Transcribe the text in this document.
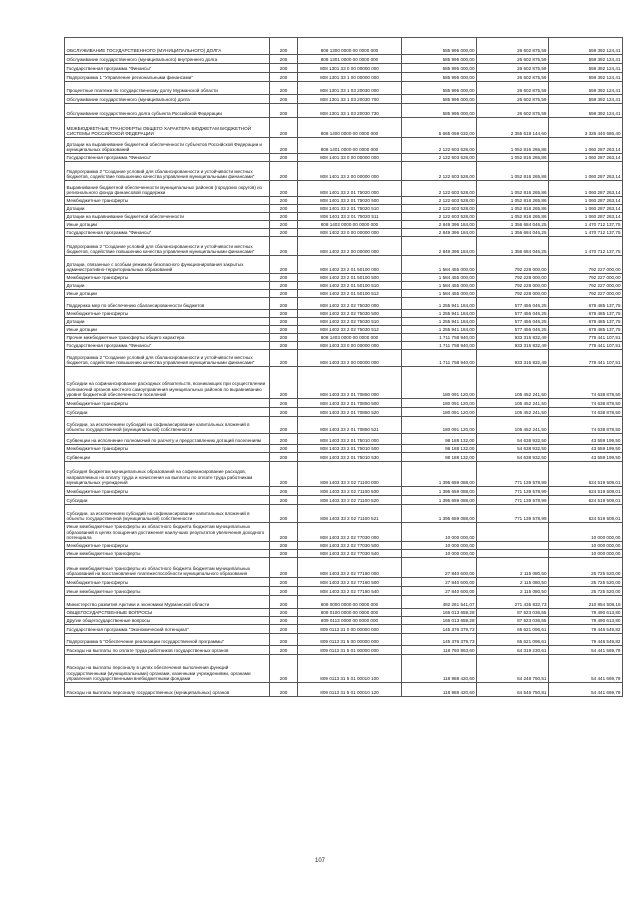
ОБСЛУЖИВАНИЕ ГОСУДАРСТВЕННОГО (МУНИЦИПАЛЬНОГО) ДОЛГА	200	808 1300 0000 00 0000 000	585 995 000,00	26 602 875,59	559 392 124,41
Обслуживание государственного (муниципального) внутреннего долга	200	808 1301 0000 00 0000 000	585 995 000,00	26 602 875,59	559 392 124,41
Государственная программа "Финансы"	200	808 1301 33 0 00 00000 000	585 995 000,00	26 602 875,59	559 392 124,41
Подпрограмма 1 "Управление региональными финансами"	200	808 1301 33 1 00 00000 000	585 995 000,00	26 602 875,59	559 392 124,41
Процентные платежи по государственному долгу Мурманской области	200	808 1301 33 1 03 20030 000	585 995 000,00	26 602 875,59	559 392 124,41
Обслуживание государственного (муниципального) долга	200	808 1301 33 1 03 20030 700	585 995 000,00	26 602 875,59	559 392 124,41
Обслуживание государственного долга субъекта Российской Федерации	200	808 1301 33 1 03 20030 730	585 995 000,00	26 602 875,59	559 392 124,41
МЕЖБЮДЖЕТНЫЕ ТРАНСФЕРТЫ ОБЩЕГО ХАРАКТЕРА БЮДЖЕТАМ БЮДЖЕТНОЙ СИСТЕМЫ РОССИЙСКОЙ ФЕДЕРАЦИИ	200	808 1400 0000 00 0000 000	5 665 059 032,00	2 355 618 144,60	3 326 440 586,40
Дотации на выравнивание бюджетной обеспеченности субъектов Российской Федерации и муниципальных образований	200	808 1401 0000 00 0000 000	2 122 603 528,00	1 052 816 265,86	1 060 287 263,14
Государственная программа "Финансы"	200	808 1401 33 0 00 00000 000	2 122 603 528,00	1 052 816 265,86	1 060 287 263,14
Подпрограмма 2 "Создание условий для сбалансированности и устойчивости местных бюджетов, содействие повышению качества управления муниципальными финансами"	200	808 1401 33 2 00 00000 000	2 122 603 528,00	1 052 816 265,86	1 060 287 263,14
Выравнивание бюджетной обеспеченности муниципальных районов (городских округов) из регионального фонда финансовой поддержки	200	808 1401 33 2 01 75020 000	2 122 603 528,00	1 052 816 265,86	1 060 287 263,14
Межбюджетные трансферты	200	808 1401 33 2 01 75020 500	2 122 603 528,00	1 052 816 265,86	1 060 287 263,14
Дотации	200	808 1401 33 2 01 75020 510	2 122 603 528,00	1 052 816 265,86	1 060 287 263,14
Дотации на выравнивание бюджетной обеспеченности	200	808 1401 33 2 01 75020 511	2 122 603 528,00	1 052 816 265,86	1 060 287 263,14
Иные дотации	200	808 1402 0000 00 0000 000	2 849 396 184,00	1 356 684 046,25	1 470 712 137,75
Государственная программа "Финансы"	200	808 1402 33 0 00 00000 000	2 849 396 184,00	1 356 684 046,25	1 470 712 137,75
Подпрограмма 2 "Создание условий для сбалансированности и устойчивости местных бюджетов, содействие повышению качества управления муниципальными финансами"	200	808 1402 33 2 00 00000 000	2 849 396 184,00	1 356 684 046,25	1 470 712 137,75
Дотации, связанные с особым режимом безопасного функционирования закрытых административно-территориальных образований	200	808 1402 33 2 01 50100 000	1 584 455 000,00	792 228 000,00	792 227 000,00
Межбюджетные трансферты	200	808 1402 33 2 01 50100 500	1 584 455 000,00	792 228 000,00	792 227 000,00
Дотации	200	808 1402 33 2 01 50100 510	1 584 455 000,00	792 228 000,00	792 227 000,00
Иные дотации	200	808 1402 33 2 01 50100 512	1 584 455 000,00	792 228 000,00	792 227 000,00
Поддержка мер по обеспечению сбалансированности бюджетов	200	808 1402 33 2 02 75030 000	1 255 941 184,00	577 456 046,25	678 485 137,75
Межбюджетные трансферты	200	808 1402 33 2 02 75030 500	1 255 941 184,00	577 456 046,25	678 485 137,75
Дотации	200	808 1402 33 2 02 75030 510	1 255 941 184,00	577 456 046,25	678 485 137,75
Иные дотации	200	808 1402 33 2 02 75030 512	1 255 941 184,00	577 456 046,25	678 485 137,75
Прочие межбюджетные трансферты общего характера	200	808 1403 0000 00 0000 000	1 711 758 940,00	933 315 832,49	778 441 107,51
Государственная программа "Финансы"	200	808 1403 33 0 00 00000 000	1 711 758 940,00	933 315 832,49	778 441 107,51
Подпрограмма 2 "Создание условий для сбалансированности и устойчивости местных бюджетов, содействие повышению качества управления муниципальными финансами"	200	808 1403 33 2 00 00000 000	1 711 758 940,00	933 315 832,49	778 441 107,51
Субсидии на софинансирование расходных обязательств, возникающих при осуществлении полномочий органов местного самоуправления муниципальных районов по выравниванию уровня бюджетной обеспеченности поселений	200	808 1403 33 2 01 70850 000	180 091 120,00	105 452 241,50	74 638 878,50
Межбюджетные трансферты	200	808 1403 33 2 01 70850 500	180 091 120,00	105 452 241,50	74 638 878,50
Субсидии	200	808 1403 33 2 01 70850 520	180 091 120,00	105 452 241,50	74 638 878,50
Субсидии, за исключением субсидий на софинансирование капитальных вложений в объекты государственной (муниципальной) собственности	200	808 1403 33 2 01 70850 521	180 091 120,00	105 452 241,50	74 638 878,50
Субвенции на исполнение полномочий по расчету и предоставлению дотаций поселениям	200	808 1403 33 2 01 75010 000	98 188 132,00	54 638 932,50	43 559 199,50
Межбюджетные трансферты	200	808 1403 33 2 01 75010 500	98 188 132,00	54 638 932,50	43 559 199,50
Субвенции	200	808 1403 33 2 01 75010 530	98 188 132,00	54 638 932,50	43 559 199,50
Субсидия бюджетам муниципальных образований на софинансирование расходов, направляемых на оплату труда и начисления на выплаты по оплате труда работникам муниципальных учреждений	200	808 1403 33 2 02 71100 000	1 395 659 088,00	771 139 578,99	624 519 509,01
Межбюджетные трансферты	200	808 1403 33 2 02 71100 500	1 395 659 088,00	771 139 578,99	624 519 509,01
Субсидии	200	808 1403 33 2 02 71100 520	1 395 659 088,00	771 139 578,99	624 519 509,01
Субсидии, за исключением субсидий на софинансирование капитальных вложений в объекты государственной (муниципальной) собственности	200	808 1403 33 2 02 71100 521	1 395 659 088,00	771 139 578,99	624 519 509,01
Иные межбюджетные трансферты из областного бюджета бюджетам муниципальных образований в целях поощрения достижения наилучших результатов увеличения доходного потенциала	200	808 1403 33 2 02 77030 000	10 000 000,00		10 000 000,00
Межбюджетные трансферты	200	808 1403 33 2 02 77030 500	10 000 000,00		10 000 000,00
Иные межбюджетные трансферты	200	808 1403 33 2 02 77030 540	10 000 000,00		10 000 000,00
Иные межбюджетные трансферты из областного бюджета бюджетам муниципальных образований на восстановление платежеспособности муниципального образования	200	808 1403 33 2 02 77180 000	27 840 600,00	2 115 080,50	25 725 520,00
Межбюджетные трансферты	200	808 1403 33 2 02 77180 500	27 840 600,00	2 115 080,50	25 725 520,00
Иные межбюджетные трансферты	200	808 1403 33 2 02 77180 540	27 840 600,00	2 115 080,50	25 725 520,00
Министерство развития Арктики и экономики Мурманской области	200	809 0000 0000 00 0000 000	482 261 541,07	271 435 832,73	210 854 508,16
ОБЩЕГОСУДАРСТВЕННЫЕ ВОПРОСЫ	200	809 0100 0000 00 0000 000	166 013 659,28	87 523 036,55	78 490 613,80
Другие общегосударственные вопросы	200	809 0113 0000 00 0000 000	166 013 659,28	87 523 036,55	78 490 613,80
Государственная программа "Экономический потенциал"	200	809 0113 31 0 00 00000 000	145 376 379,73	65 621 096,61	79 446 549,82
Подпрограмма 5 "Обеспечение реализации государственной программы"	200	809 0113 31 5 00 00000 000	145 376 379,73	65 621 096,61	79 446 549,82
Расходы на выплаты по оплате труда работников государственных органов	200	809 0113 31 5 01 00000 000	118 760 863,60	64 319 230,61	54 441 569,79
Расходы на выплаты персоналу в целях обеспечения выполнения функций государственными (муниципальными) органами, казенными учреждениями, органами управления государственными внебюджетными фондами	200	809 0113 31 5 01 00010 100	118 988 420,60	64 248 750,51	54 441 669,79
Расходы на выплаты персоналу государственных (муниципальных) органов	200	809 0113 31 5 01 00010 120	118 988 420,60	64 546 750,81	54 441 669,79
107
